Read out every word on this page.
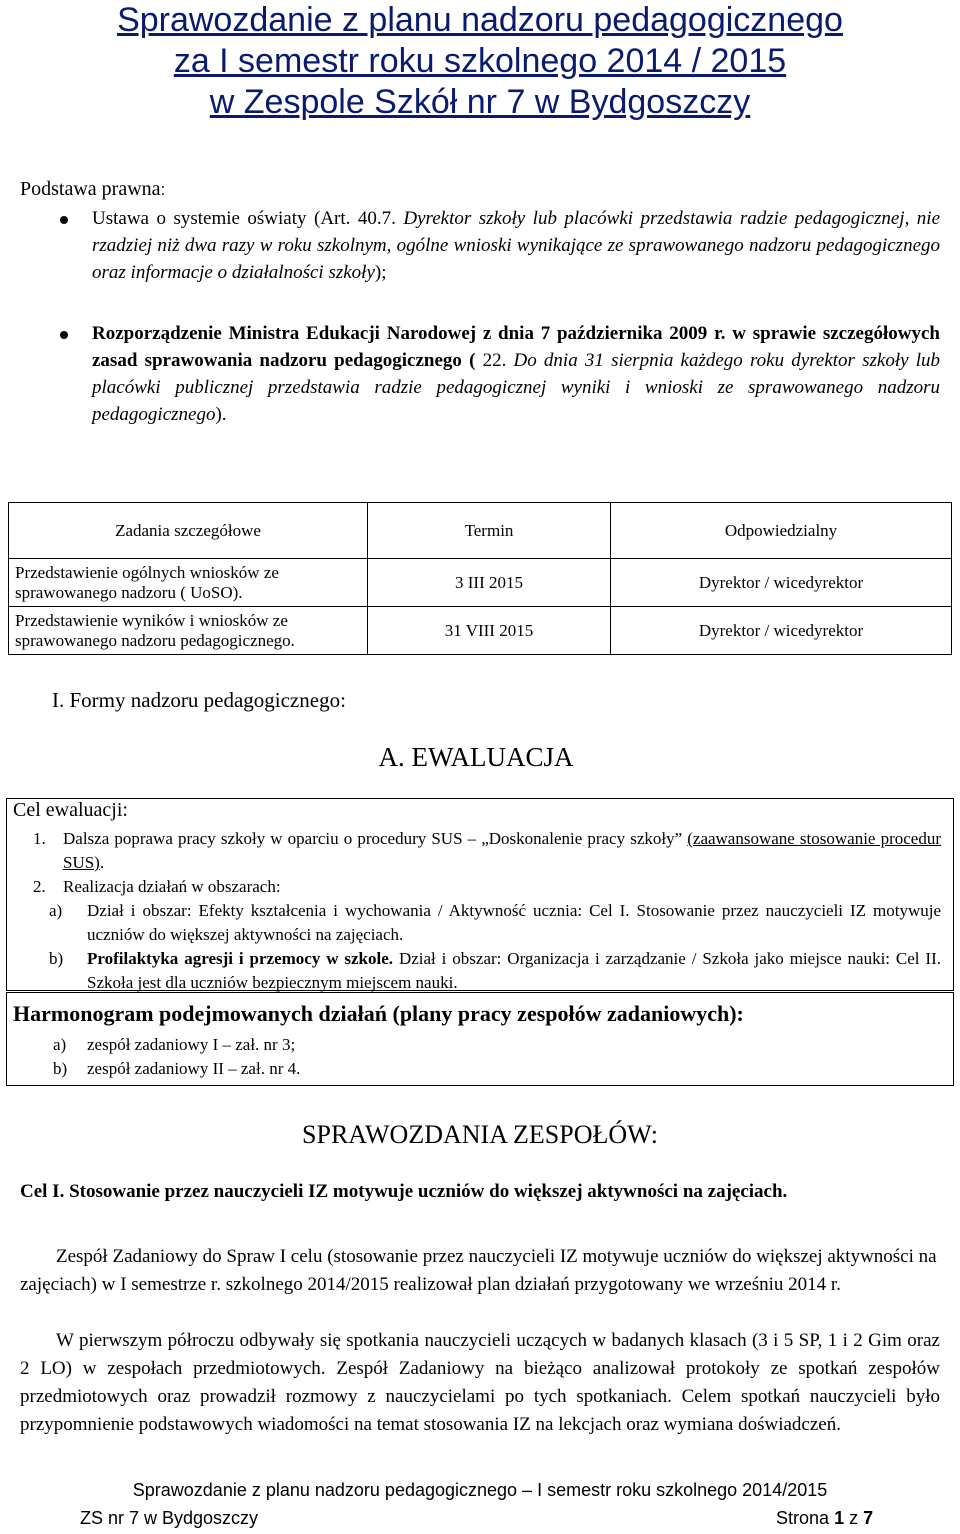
Sprawozdanie z planu nadzoru pedagogicznego
za I semestr roku szkolnego 2014 / 2015
w Zespole Szkół nr 7 w Bydgoszczy
Podstawa prawna:
Ustawa o systemie oświaty (Art. 40.7. Dyrektor szkoły lub placówki przedstawia radzie pedagogicznej, nie rzadziej niż dwa razy w roku szkolnym, ogólne wnioski wynikające ze sprawowanego nadzoru pedagogicznego oraz informacje o działalności szkoły);
Rozporządzenie Ministra Edukacji Narodowej z dnia 7 października 2009 r. w sprawie szczegółowych zasad sprawowania nadzoru pedagogicznego ( 22. Do dnia 31 sierpnia każdego roku dyrektor szkoły lub placówki publicznej przedstawia radzie pedagogicznej wyniki i wnioski ze sprawowanego nadzoru pedagogicznego).
Zadania szczegółowe	Termin	Odpowiedzialny
Przedstawienie ogólnych wniosków ze sprawowanego nadzoru ( UoSO).	3 III 2015	Dyrektor / wicedyrektor
Przedstawienie wyników i wniosków ze sprawowanego nadzoru pedagogicznego.	31 VIII 2015	Dyrektor / wicedyrektor
I. Formy nadzoru pedagogicznego:
A. EWALUACJA
Cel ewaluacji:
1. Dalsza poprawa pracy szkoły w oparciu o procedury SUS – „Doskonalenie pracy szkoły” (zaawansowane stosowanie procedur SUS).
2. Realizacja działań w obszarach:
a) Dział i obszar: Efekty kształcenia i wychowania / Aktywność ucznia: Cel I. Stosowanie przez nauczycieli IZ motywuje uczniów do większej aktywności na zajęciach.
b) Profilaktyka agresji i przemocy w szkole. Dział i obszar: Organizacja i zarządzanie / Szkoła jako miejsce nauki: Cel II. Szkoła jest dla uczniów bezpiecznym miejscem nauki.
Harmonogram podejmowanych działań (plany pracy zespołów zadaniowych):
a) zespół zadaniowy I – zał. nr 3;
b) zespół zadaniowy II – zał. nr 4.
SPRAWOZDANIA ZESPOŁÓW:
Cel I. Stosowanie przez nauczycieli IZ motywuje uczniów do większej aktywności na zajęciach.
Zespół Zadaniowy do Spraw I celu (stosowanie przez nauczycieli IZ motywuje uczniów do większej aktywności na zajęciach) w I semestrze r. szkolnego 2014/2015 realizował plan działań przygotowany we wrześniu 2014 r.
W pierwszym półroczu odbywały się spotkania nauczycieli uczących w badanych klasach (3 i 5 SP, 1 i 2 Gim oraz 2 LO) w zespołach przedmiotowych. Zespół Zadaniowy na bieżąco analizował protokoły ze spotkań zespołów przedmiotowych oraz prowadził rozmowy z nauczycielami po tych spotkaniach. Celem spotkań nauczycieli było przypomnienie podstawowych wiadomości na temat stosowania IZ na lekcjach oraz wymiana doświadczeń.
Sprawozdanie z planu nadzoru pedagogicznego – I semestr roku szkolnego 2014/2015
ZS nr 7 w Bydgoszczy	Strona 1 z 7
